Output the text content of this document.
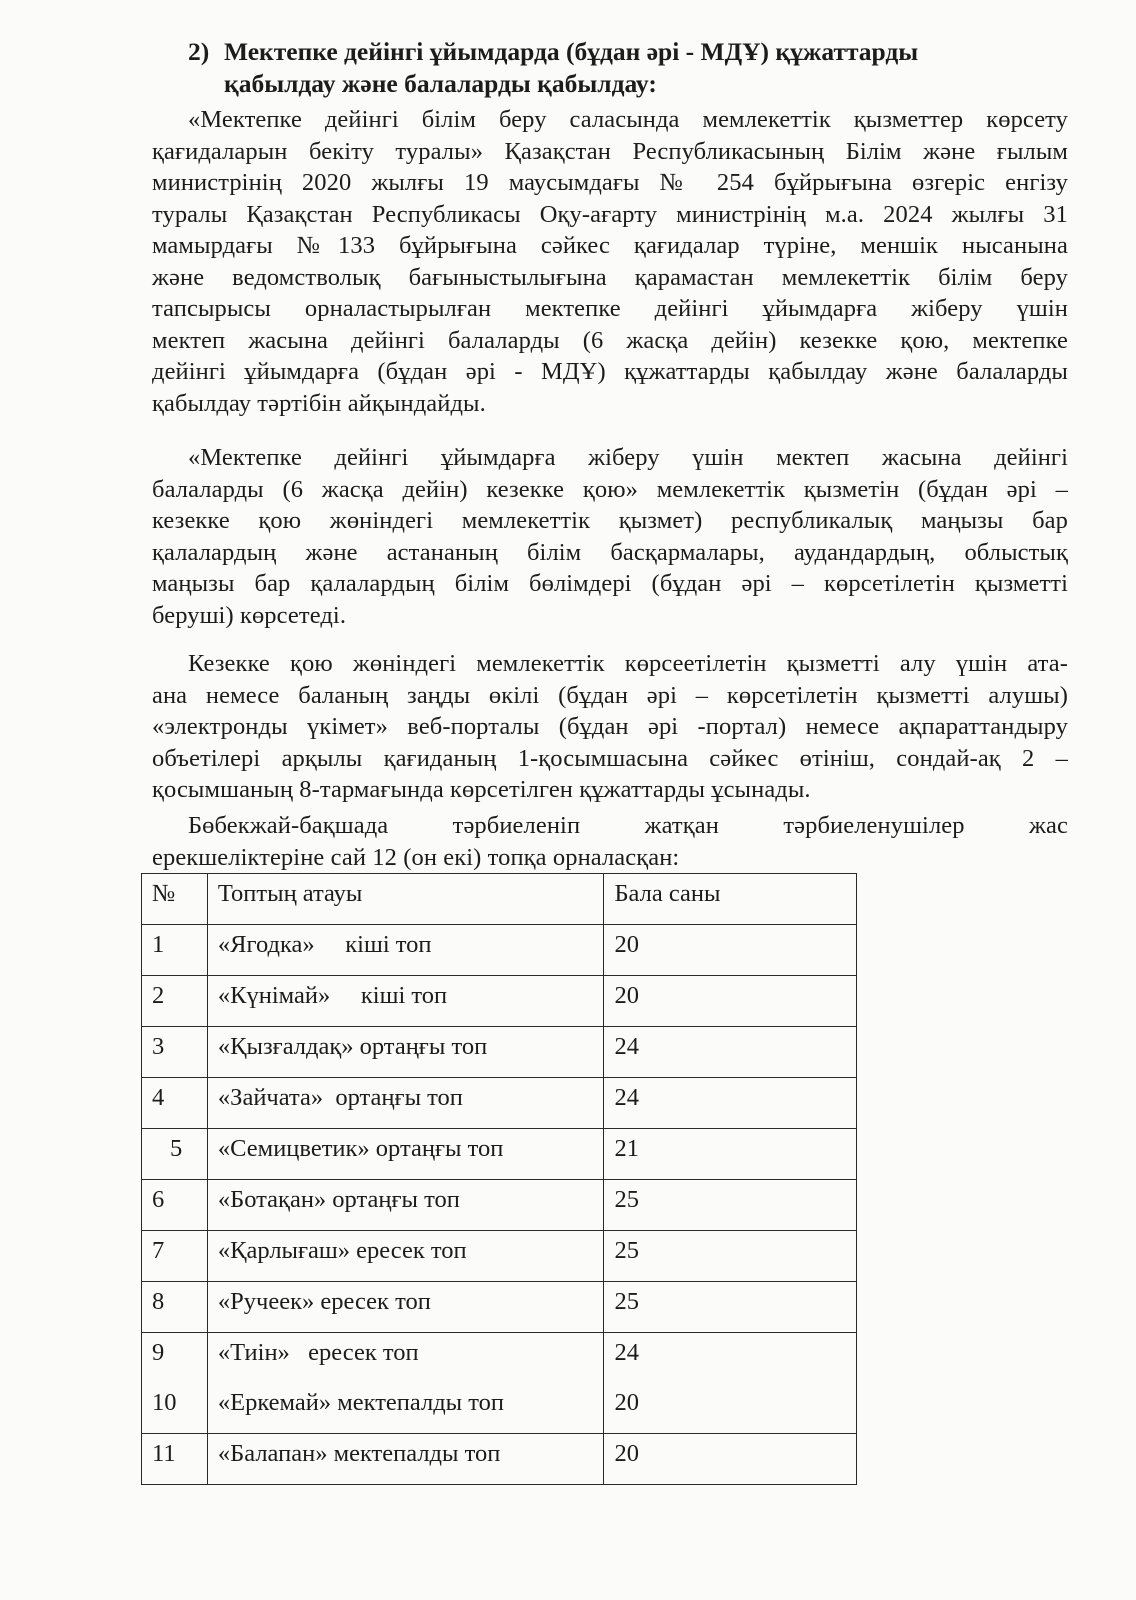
2) Мектепке дейінгі ұйымдарда (бұдан әрі - МДҰ) құжаттарды
қабылдау және балаларды қабылдау:
«Мектепке дейінгі білім беру саласында мемлекеттік қызметтер көрсету
қағидаларын бекіту туралы» Қазақстан Республикасының Білім және ғылым
министрінің 2020 жылғы 19 маусымдағы № 254 бұйрығына өзгеріс енгізу
туралы Қазақстан Республикасы Оқу-ағарту министрінің м.а. 2024 жылғы 31
мамырдағы №133 бұйрығына сәйкес қағидалар түріне, меншік нысанына
және ведомстволық бағыныстылығына қарамастан мемлекеттік білім беру
тапсырысы орналастырылған мектепке дейінгі ұйымдарға жіберу үшін
мектеп жасына дейінгі балаларды (6 жасқа дейін) кезекке қою, мектепке
дейінгі ұйымдарға (бұдан әрі - МДҰ) құжаттарды қабылдау және балаларды
қабылдау тәртібін айқындайды.
«Мектепке дейінгі ұйымдарға жіберу үшін мектеп жасына дейінгі
балаларды (6 жасқа дейін) кезекке қою» мемлекеттік қызметін (бұдан әрі –
кезекке қою жөніндегі мемлекеттік қызмет) республикалық маңызы бар
қалалардың және астананың білім басқармалары, аудандардың, облыстық
маңызы бар қалалардың білім бөлімдері (бұдан әрі – көрсетілетін қызметті
беруші) көрсетеді.
Кезекке қою жөніндегі мемлекеттік көрсеетілетін қызметті алу үшін ата-
ана немесе баланың заңды өкілі (бұдан әрі – көрсетілетін қызметті алушы)
«электронды үкімет» веб-порталы (бұдан әрі -портал) немесе ақпараттандыру
объетілері арқылы қағиданың 1-қосымшасына сәйкес өтініш, сондай-ақ 2 –
қосымшаның 8-тармағында көрсетілген құжаттарды ұсынады.
Бөбекжай-бақшада тәрбиеленіп жатқан тәрбиеленушілер жас
ерекшеліктеріне сай 12 (он екі) топқа орналасқан:
№	Топтың атауы	Бала саны
1	«Ягодка»     кіші топ	20
2	«Күнімай»     кіші топ	20
3	«Қызғалдақ» ортаңғы топ	24
4	«Зайчата»  ортаңғы топ	24
5	«Семицветик» ортаңғы топ	21
6	«Ботақан» ортаңғы топ	25
7	«Қарлығаш» ересек топ	25
8	«Ручеек» ересек топ	25
9	«Тиін»   ересек топ	24
10	«Еркемай» мектепалды топ	20
11	«Балапан» мектепалды топ	20
